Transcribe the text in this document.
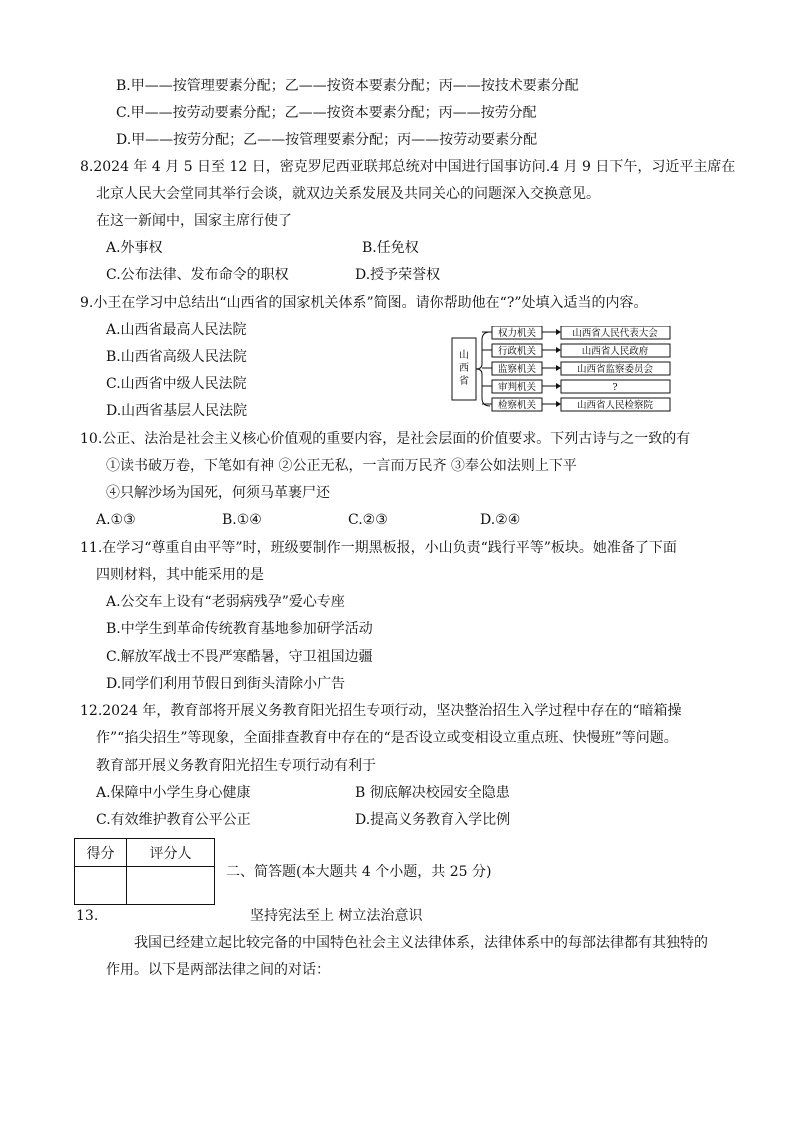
B.甲——按管理要素分配；乙——按资本要素分配；丙——按技术要素分配
C.甲——按劳动要素分配；乙——按资本要素分配；丙——按劳分配
D.甲——按劳分配；乙——按管理要素分配；丙——按劳动要素分配
8.2024 年 4 月 5 日至 12 日，密克罗尼西亚联邦总统对中国进行国事访问.4 月 9 日下午，习近平主席在
北京人民大会堂同其举行会谈，就双边关系发展及共同关心的问题深入交换意见。
在这一新闻中，国家主席行使了
A.外事权	B.任免权
C.公布法律、发布命令的职权	D.授予荣誉权
9.小王在学习中总结出“山西省的国家机关体系”简图。请你帮助他在“?”处填入适当的内容。
A.山西省最高人民法院
B.山西省高级人民法院
C.山西省中级人民法院
D.山西省基层人民法院
山
西
省
权力机关	山西省人民代表大会
行政机关	山西省人民政府
监察机关	山西省监察委员会
审判机关	?
检察机关	山西省人民检察院
10.公正、法治是社会主义核心价值观的重要内容，是社会层面的价值要求。下列古诗与之一致的有
①读书破万卷，下笔如有神 ②公正无私，一言而万民齐 ③奉公如法则上下平
④只解沙场为国死，何须马革裹尸还
A.①③	B.①④	C.②③	D.②④
11.在学习“尊重自由平等”时，班级要制作一期黑板报，小山负责“践行平等”板块。她准备了下面
四则材料，其中能采用的是
A.公交车上设有“老弱病残孕”爱心专座
B.中学生到革命传统教育基地参加研学活动
C.解放军战士不畏严寒酷暑，守卫祖国边疆
D.同学们利用节假日到街头清除小广告
12.2024 年，教育部将开展义务教育阳光招生专项行动，坚决整治招生入学过程中存在的“暗箱操
作”“掐尖招生”等现象，全面排查教育中存在的“是否设立或变相设立重点班、快慢班”等问题。
教育部开展义务教育阳光招生专项行动有利于
A.保障中小学生身心健康	B 彻底解决校园安全隐患
C.有效维护教育公平公正	D.提高义务教育入学比例
得分	评分人

二、简答题(本大题共 4 个小题，共 25 分)
13.	坚持宪法至上 树立法治意识
我国已经建立起比较完备的中国特色社会主义法律体系，法律体系中的每部法律都有其独特的
作用。以下是两部法律之间的对话：
